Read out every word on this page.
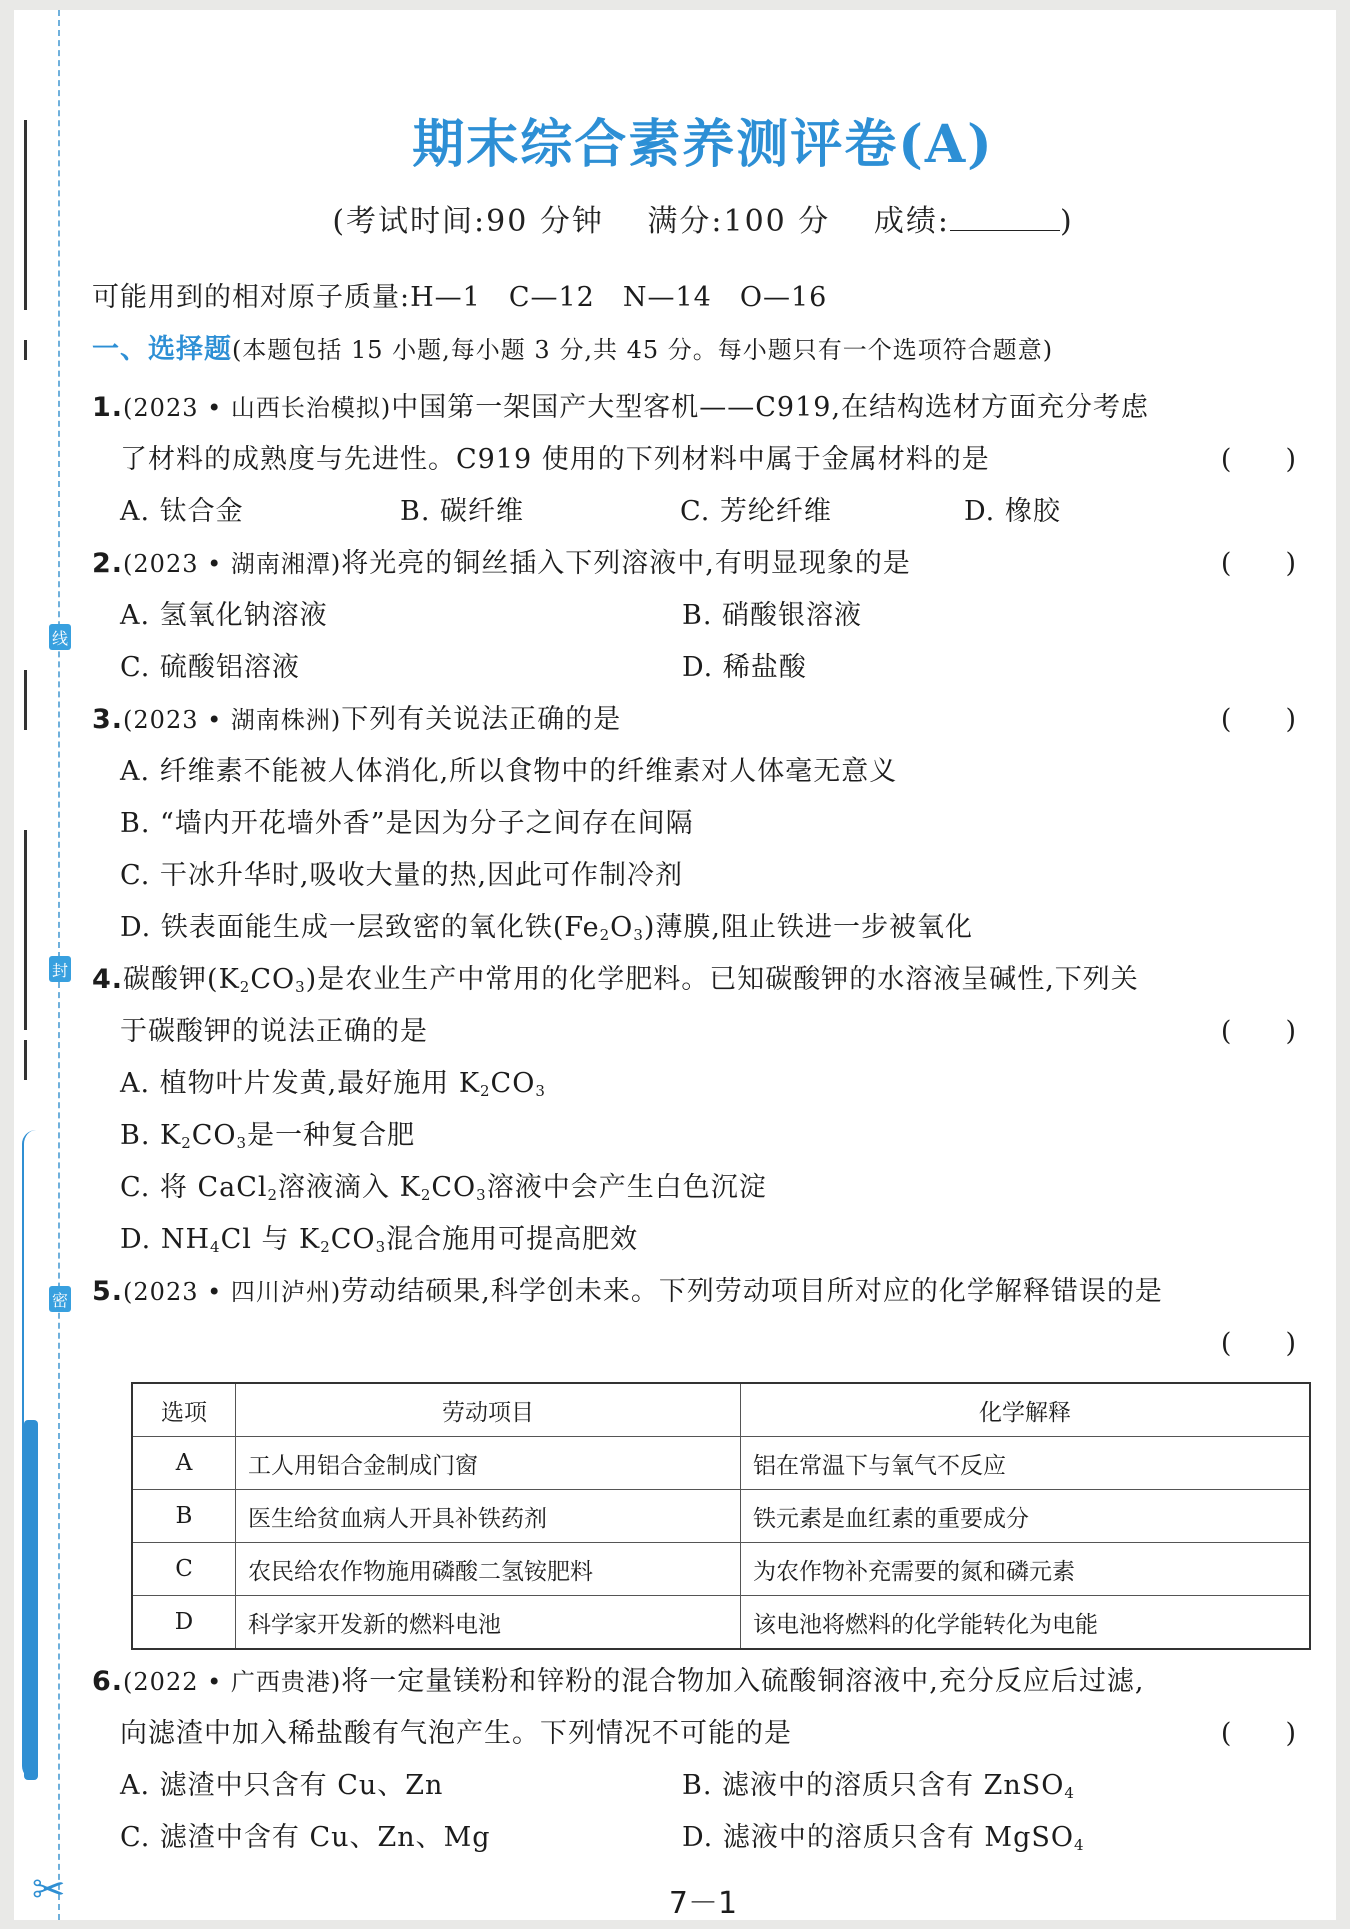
线
封
密
✂
期末综合素养测评卷(A)
(考试时间:90 分钟　 满分:100 分　 成绩:	)
可能用到的相对原子质量:H—1　C—12　N—14　O—16
一、选择题(本题包括 15 小题,每小题 3 分,共 45 分。每小题只有一个选项符合题意)
1.(2023 • 山西长治模拟)中国第一架国产大型客机——C919,在结构选材方面充分考虑
了材料的成熟度与先进性。C919 使用的下列材料中属于金属材料的是	(　　)
A. 钛合金	B. 碳纤维	C. 芳纶纤维	D. 橡胶
2.(2023 • 湖南湘潭)将光亮的铜丝插入下列溶液中,有明显现象的是	(　　)
A. 氢氧化钠溶液	B. 硝酸银溶液
C. 硫酸铝溶液	D. 稀盐酸
3.(2023 • 湖南株洲)下列有关说法正确的是	(　　)
A. 纤维素不能被人体消化,所以食物中的纤维素对人体毫无意义
B. “墙内开花墙外香”是因为分子之间存在间隔
C. 干冰升华时,吸收大量的热,因此可作制冷剂
D. 铁表面能生成一层致密的氧化铁$(Fe_2O_3)$薄膜,阻止铁进一步被氧化
4.碳酸钾$(K_2CO_3)$是农业生产中常用的化学肥料。已知碳酸钾的水溶液呈碱性,下列关
于碳酸钾的说法正确的是	(　　)
A. 植物叶片发黄,最好施用 $K_2CO_3$
B. $K_2CO_3$是一种复合肥
C. 将 CaCl$_2$溶液滴入 $K_2CO_3$溶液中会产生白色沉淀
D. $NH_4Cl$ 与 $K_2CO_3$混合施用可提高肥效
5.(2023 • 四川泸州)劳动结硕果,科学创未来。下列劳动项目所对应的化学解释错误的是
(　　)
选项	劳动项目	化学解释
A	工人用铝合金制成门窗	铝在常温下与氧气不反应
B	医生给贫血病人开具补铁药剂	铁元素是血红素的重要成分
C	农民给农作物施用磷酸二氢铵肥料	为农作物补充需要的氮和磷元素
D	科学家开发新的燃料电池	该电池将燃料的化学能转化为电能
6.(2022 • 广西贵港)将一定量镁粉和锌粉的混合物加入硫酸铜溶液中,充分反应后过滤,
向滤渣中加入稀盐酸有气泡产生。下列情况不可能的是	(　　)
A. 滤渣中只含有 Cu、Zn	B. 滤液中的溶质只含有 ZnSO$_4$
C. 滤渣中含有 Cu、Zn、Mg	D. 滤液中的溶质只含有 MgSO$_4$
7－1
